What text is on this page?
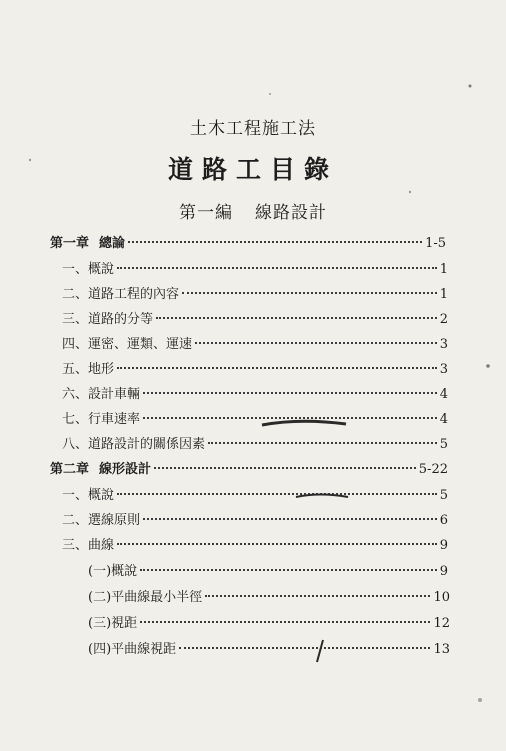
土木工程施工法
道路工目錄
第一編 線路設計
第一章 總論	1-5
一、概說	1
二、道路工程的內容	1
三、道路的分等	2
四、運密、運類、運速	3
五、地形	3
六、設計車輛	4
七、行車速率	4
八、道路設計的關係因素	5
第二章 線形設計	5-22
一、概說	5
二、選線原則	6
三、曲線	9
(一)概說	9
(二)平曲線最小半徑	10
(三)視距	12
(四)平曲線視距	13
